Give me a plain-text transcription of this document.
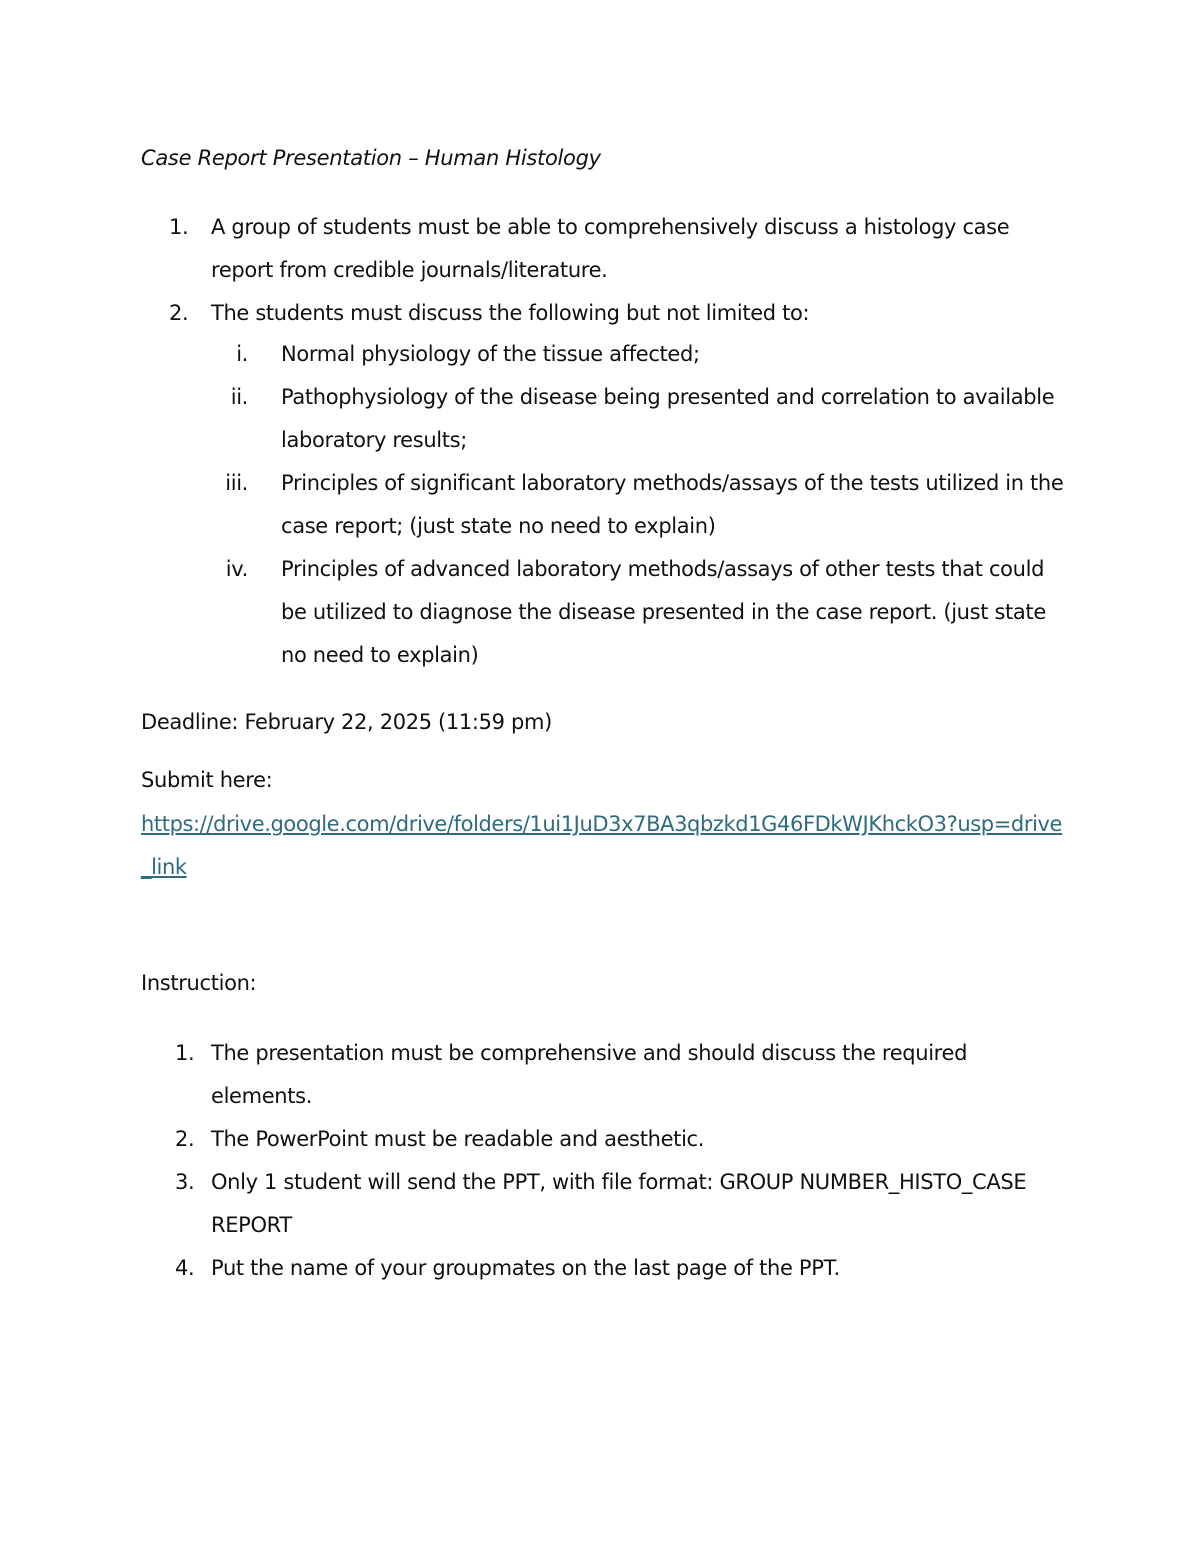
Case Report Presentation – Human Histology
1.	A group of students must be able to comprehensively discuss a histology case report from credible journals/literature.
2.	The students must discuss the following but not limited to:
i. Normal physiology of the tissue affected;
ii. Pathophysiology of the disease being presented and correlation to available laboratory results;
iii. Principles of significant laboratory methods/assays of the tests utilized in the case report; (just state no need to explain)
iv. Principles of advanced laboratory methods/assays of other tests that could be utilized to diagnose the disease presented in the case report. (just state no need to explain)
Deadline: February 22, 2025 (11:59 pm)
Submit here:
https://drive.google.com/drive/folders/1ui1JuD3x7BA3qbzkd1G46FDkWJKhckO3?usp=drive_link
Instruction:
1. The presentation must be comprehensive and should discuss the required elements.
2. The PowerPoint must be readable and aesthetic.
3. Only 1 student will send the PPT, with file format: GROUP NUMBER_HISTO_CASE REPORT
4. Put the name of your groupmates on the last page of the PPT.
